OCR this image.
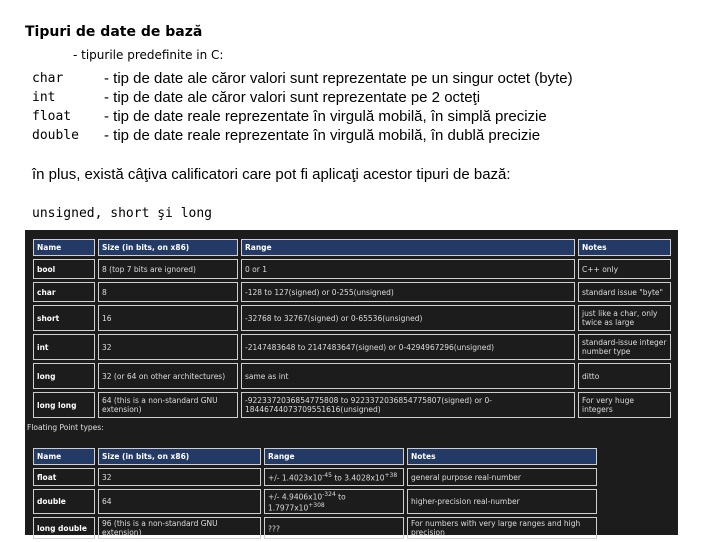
Tipuri de date de bază
- tipurile predefinite in C:
char	- tip de date ale căror valori sunt reprezentate pe un singur octet (byte)
int	- tip de date ale căror valori sunt reprezentate pe 2 octeţi
float	- tip de date reale reprezentate în virgulă mobilă, în simplă precizie
double	- tip de date reale reprezentate în virgulă mobilă, în dublă precizie
în plus, există câţiva calificatori care pot fi aplicaţi acestor tipuri de bază:
unsigned, short şi long
Name	Size (in bits, on x86)	Range	Notes
bool	8 (top 7 bits are ignored)	0 or 1	C++ only
char	8	-128 to 127(signed) or 0-255(unsigned)	standard issue "byte"
short	16	-32768 to 32767(signed) or 0-65536(unsigned)	just like a char, only twice as large
int	32	-2147483648 to 2147483647(signed) or 0-4294967296(unsigned)	standard-issue integer number type
long	32 (or 64 on other architectures)	same as int	ditto
long long	64 (this is a non-standard GNU extension)	-9223372036854775808 to 9223372036854775807(signed) or 0-18446744073709551616(unsigned)	For very huge integers
Floating Point types:
Name	Size (in bits, on x86)	Range	Notes
float	32	+/- $1.4023x10^{-45}$ to $3.4028x10^{+38}$	general purpose real-number
double	64	+/- $4.9406x10^{-324}$ to $1.7977x10^{+308}$	higher-precision real-number
long double	96 (this is a non-standard GNU extension)	???	For numbers with very large ranges and high precision
